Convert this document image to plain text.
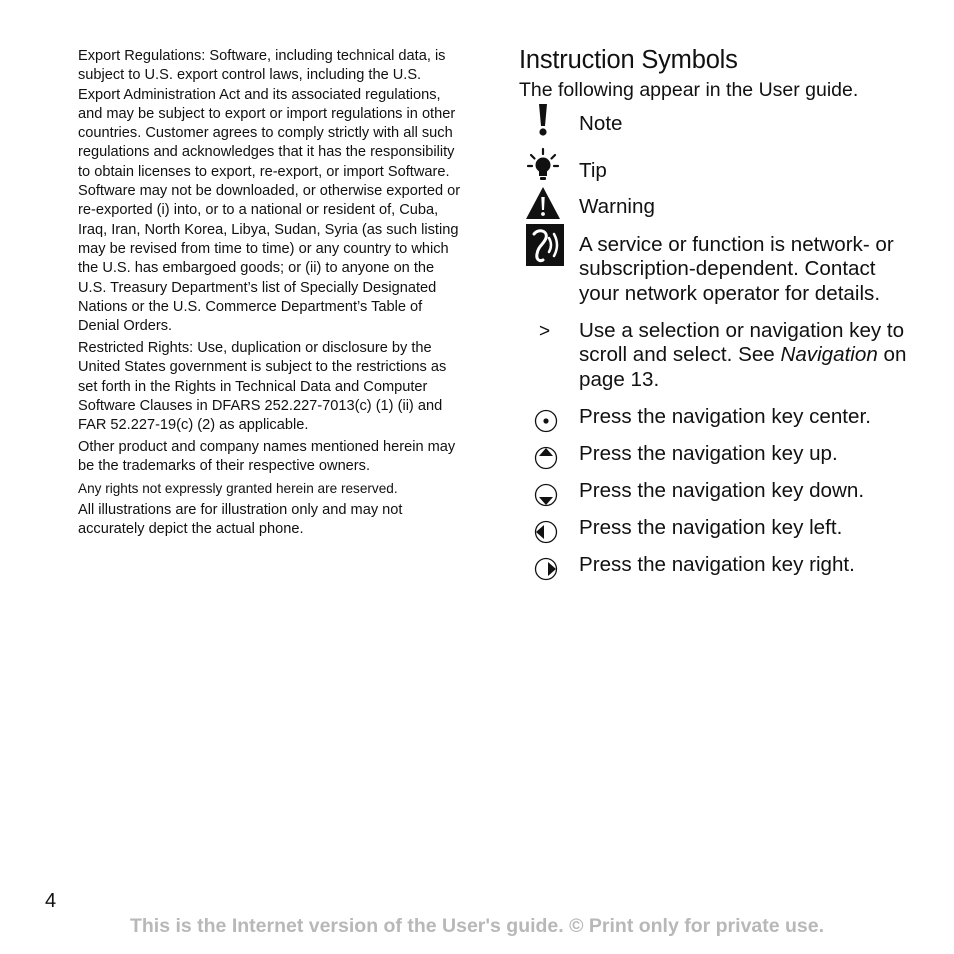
Export Regulations: Software, including technical data, is subject to U.S. export control laws, including the U.S. Export Administration Act and its associated regulations, and may be subject to export or import regulations in other countries. Customer agrees to comply strictly with all such regulations and acknowledges that it has the responsibility to obtain licenses to export, re-export, or import Software. Software may not be downloaded, or otherwise exported or re-exported (i) into, or to a national or resident of, Cuba, Iraq, Iran, North Korea, Libya, Sudan, Syria (as such listing may be revised from time to time) or any country to which the U.S. has embargoed goods; or (ii) to anyone on the U.S. Treasury Department’s list of Specially Designated Nations or the U.S. Commerce Department’s Table of Denial Orders.

Restricted Rights: Use, duplication or disclosure by the United States government is subject to the restrictions as set forth in the Rights in Technical Data and Computer Software Clauses in DFARS 252.227-7013(c) (1) (ii) and FAR 52.227-19(c) (2) as applicable.

Other product and company names mentioned herein may be the trademarks of their respective owners.

Any rights not expressly granted herein are reserved.

All illustrations are for illustration only and may not accurately depict the actual phone.

Instruction Symbols

The following appear in the User guide.

Note
Tip
Warning
A service or function is network- or subscription-dependent. Contact your network operator for details.
> Use a selection or navigation key to scroll and select. See Navigation on page 13.
Press the navigation key center.
Press the navigation key up.
Press the navigation key down.
Press the navigation key left.
Press the navigation key right.
4
This is the Internet version of the User's guide. © Print only for private use.
